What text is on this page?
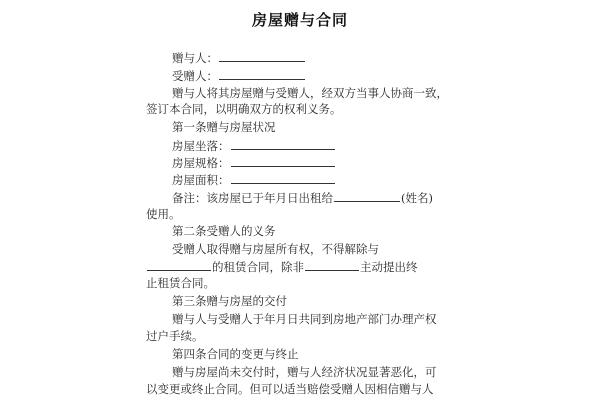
房屋赠与合同
赠与人：
受赠人：
赠与人将其房屋赠与受赠人，经双方当事人协商一致，
签订本合同，以明确双方的权利义务。
第一条赠与房屋状况
房屋坐落：
房屋规格：
房屋面积：
备注：该房屋已于年月日出租给	(姓名)
使用。
第二条受赠人的义务
受赠人取得赠与房屋所有权，不得解除与
的租赁合同，除非	主动提出终
止租赁合同。
第三条赠与房屋的交付
赠与人与受赠人于年月日共同到房地产部门办理产权
过户手续。
第四条合同的变更与终止
赠与房屋尚未交付时，赠与人经济状况显著恶化，可
以变更或终止合同。但可以适当赔偿受赠人因相信赠与人
